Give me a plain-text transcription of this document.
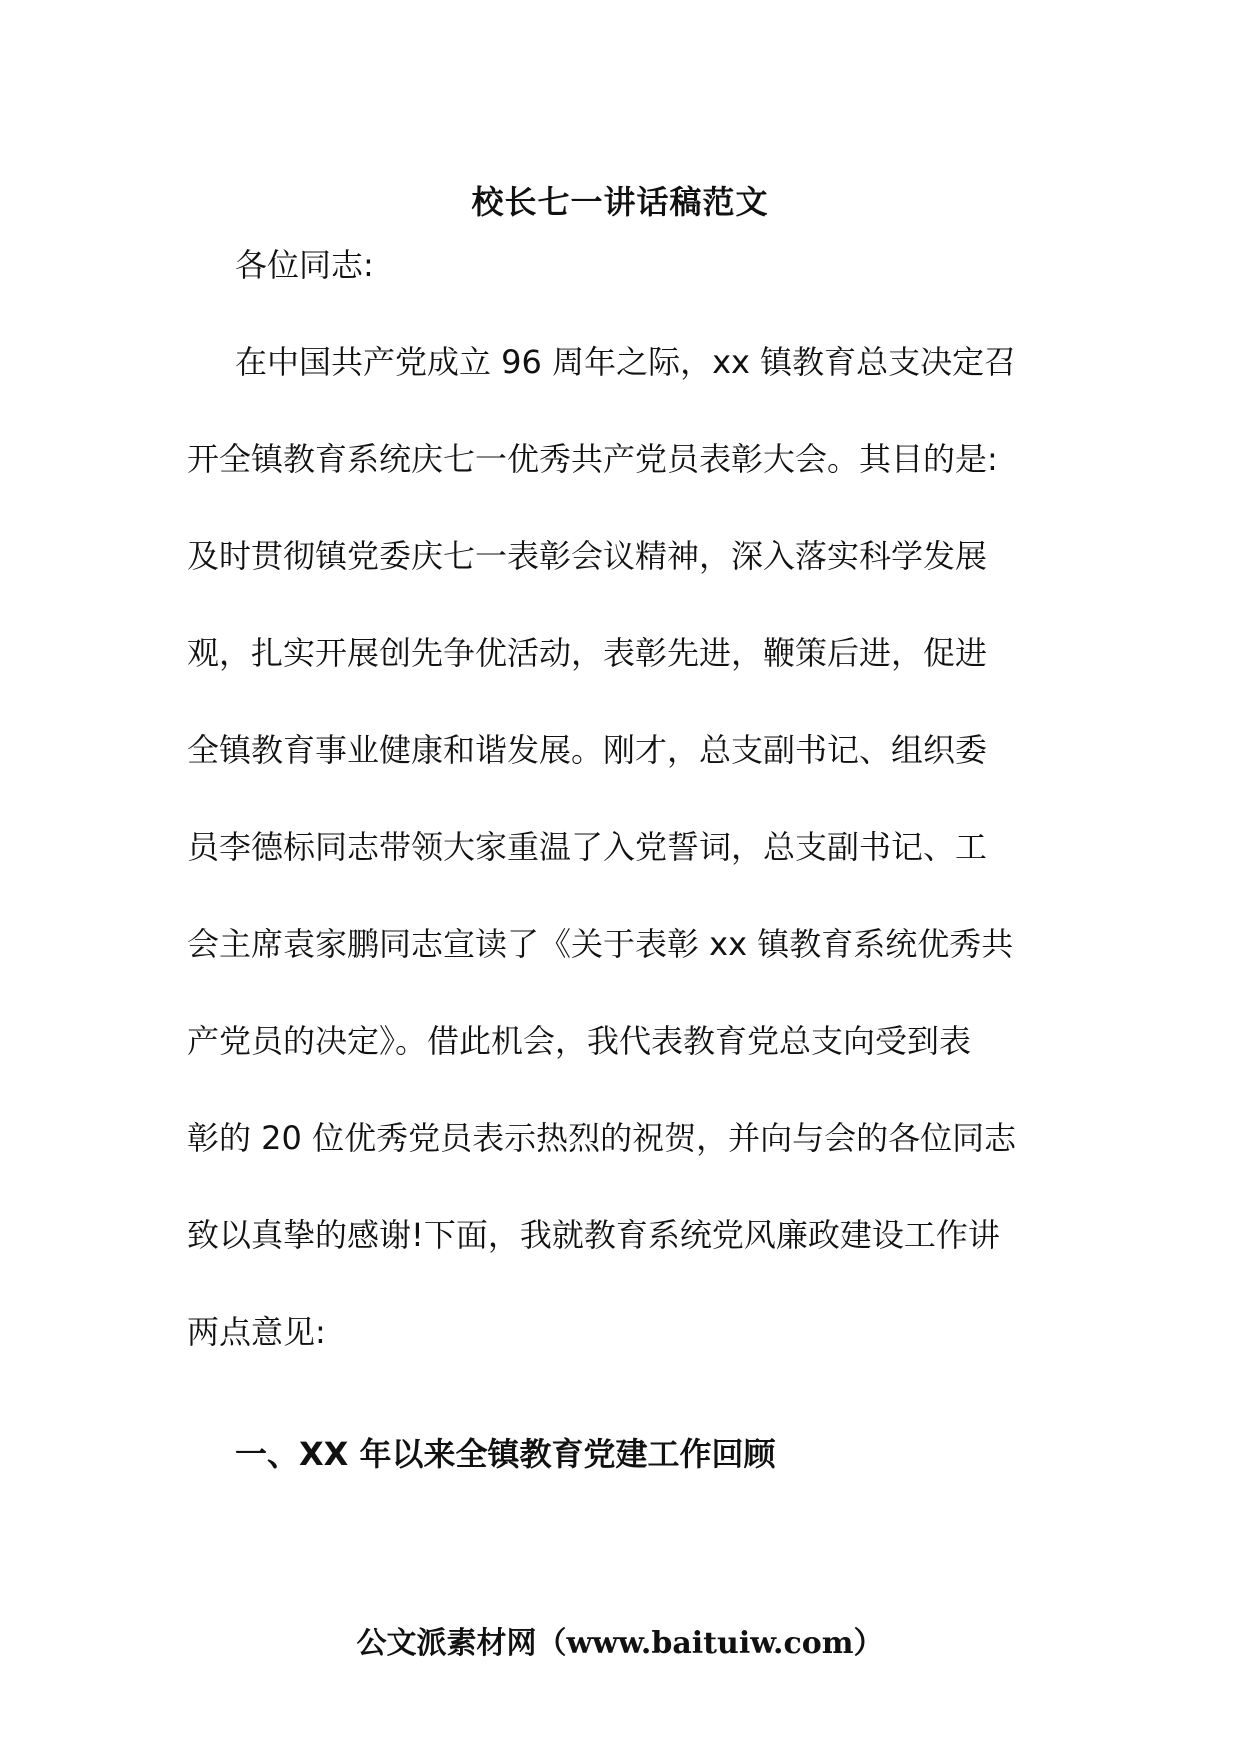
校长七一讲话稿范文
各位同志:
在中国共产党成立 96 周年之际，xx 镇教育总支决定召
开全镇教育系统庆七一优秀共产党员表彰大会。其目的是:
及时贯彻镇党委庆七一表彰会议精神，深入落实科学发展
观，扎实开展创先争优活动，表彰先进，鞭策后进，促进
全镇教育事业健康和谐发展。刚才，总支副书记、组织委
员李德标同志带领大家重温了入党誓词，总支副书记、工
会主席袁家鹏同志宣读了《关于表彰 xx 镇教育系统优秀共
产党员的决定》。借此机会，我代表教育党总支向受到表
彰的 20 位优秀党员表示热烈的祝贺，并向与会的各位同志
致以真挚的感谢!下面，我就教育系统党风廉政建设工作讲
两点意见:
一、XX 年以来全镇教育党建工作回顾
公文派素材网（www.baituiw.com）
